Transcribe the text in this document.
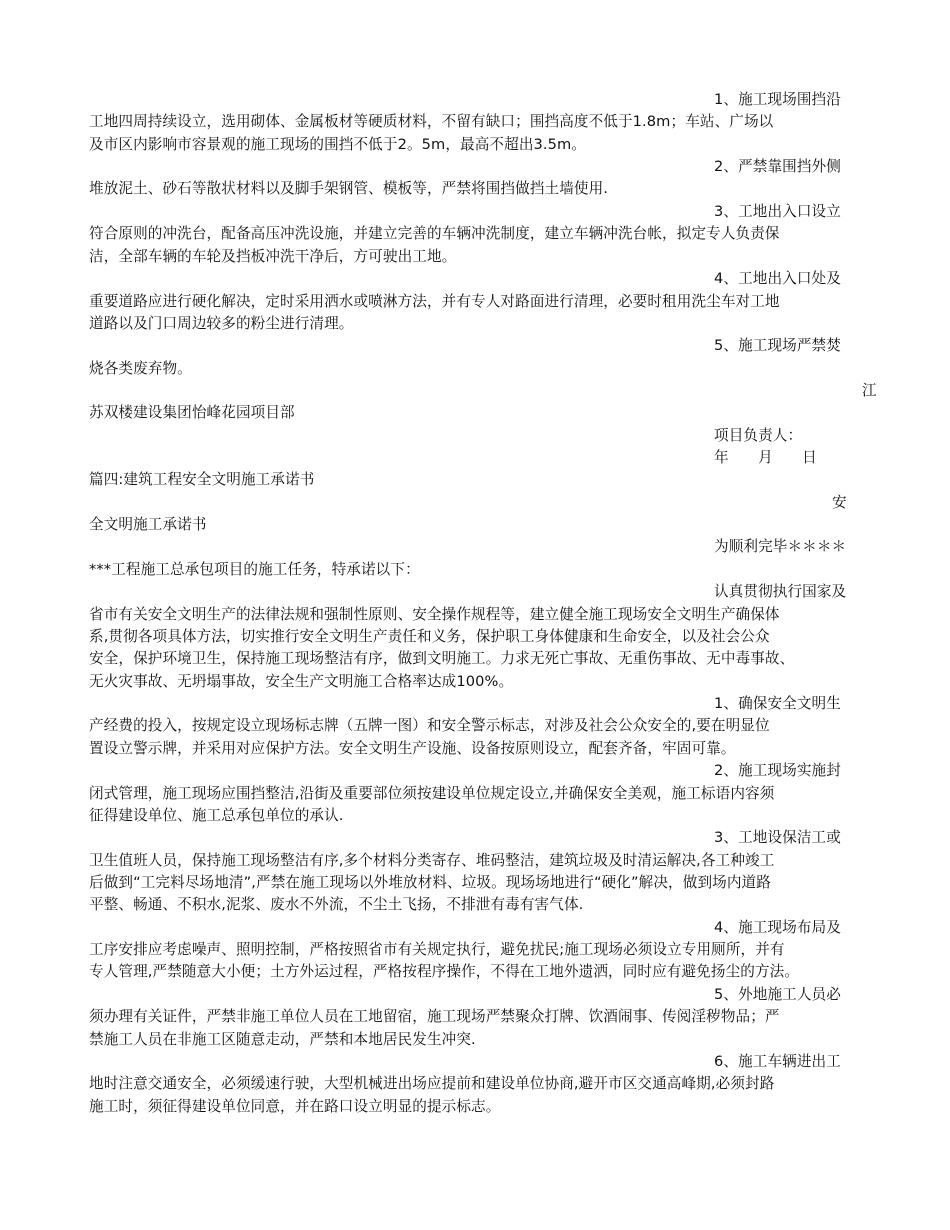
1、施工现场围挡沿
工地四周持续设立，选用砌体、金属板材等硬质材料，不留有缺口；围挡高度不低于1.8m；车站、广场以
及市区内影响市容景观的施工现场的围挡不低于2。5m，最高不超出3.5m。
2、严禁靠围挡外侧
堆放泥土、砂石等散状材料以及脚手架钢管、模板等，严禁将围挡做挡土墙使用.
3、工地出入口设立
符合原则的冲洗台，配备高压冲洗设施，并建立完善的车辆冲洗制度，建立车辆冲洗台帐，拟定专人负责保
洁，全部车辆的车轮及挡板冲洗干净后，方可驶出工地。
4、工地出入口处及
重要道路应进行硬化解决，定时采用洒水或喷淋方法，并有专人对路面进行清理，必要时租用洗尘车对工地
道路以及门口周边较多的粉尘进行清理。
5、施工现场严禁焚
烧各类废弃物。
江
苏双楼建设集团怡峰花园项目部
项目负责人：
年　　月　　日
篇四:建筑工程安全文明施工承诺书
安
全文明施工承诺书
为顺利完毕＊＊＊＊
***工程施工总承包项目的施工任务，特承诺以下：
认真贯彻执行国家及
省市有关安全文明生产的法律法规和强制性原则、安全操作规程等，建立健全施工现场安全文明生产确保体
系,贯彻各项具体方法，切实推行安全文明生产责任和义务，保护职工身体健康和生命安全，以及社会公众
安全，保护环境卫生，保持施工现场整洁有序，做到文明施工。力求无死亡事故、无重伤事故、无中毒事故、
无火灾事故、无坍塌事故，安全生产文明施工合格率达成100%。
1、确保安全文明生
产经费的投入，按规定设立现场标志牌（五牌一图）和安全警示标志，对涉及社会公众安全的,要在明显位
置设立警示牌，并采用对应保护方法。安全文明生产设施、设备按原则设立，配套齐备，牢固可靠。
2、施工现场实施封
闭式管理，施工现场应围挡整洁,沿街及重要部位须按建设单位规定设立,并确保安全美观，施工标语内容须
征得建设单位、施工总承包单位的承认.
3、工地设保洁工或
卫生值班人员，保持施工现场整洁有序,多个材料分类寄存、堆码整洁，建筑垃圾及时清运解决,各工种竣工
后做到“工完料尽场地清”,严禁在施工现场以外堆放材料、垃圾。现场场地进行“硬化”解决，做到场内道路
平整、畅通、不积水,泥浆、废水不外流，不尘土飞扬，不排泄有毒有害气体.
4、施工现场布局及
工序安排应考虑噪声、照明控制，严格按照省市有关规定执行，避免扰民;施工现场必须设立专用厕所，并有
专人管理,严禁随意大小便；土方外运过程，严格按程序操作，不得在工地外遗洒，同时应有避免扬尘的方法。
5、外地施工人员必
须办理有关证件，严禁非施工单位人员在工地留宿，施工现场严禁聚众打牌、饮酒闹事、传阅淫秽物品；严
禁施工人员在非施工区随意走动，严禁和本地居民发生冲突.
6、施工车辆进出工
地时注意交通安全，必须缓速行驶，大型机械进出场应提前和建设单位协商,避开市区交通高峰期,必须封路
施工时，须征得建设单位同意，并在路口设立明显的提示标志。
